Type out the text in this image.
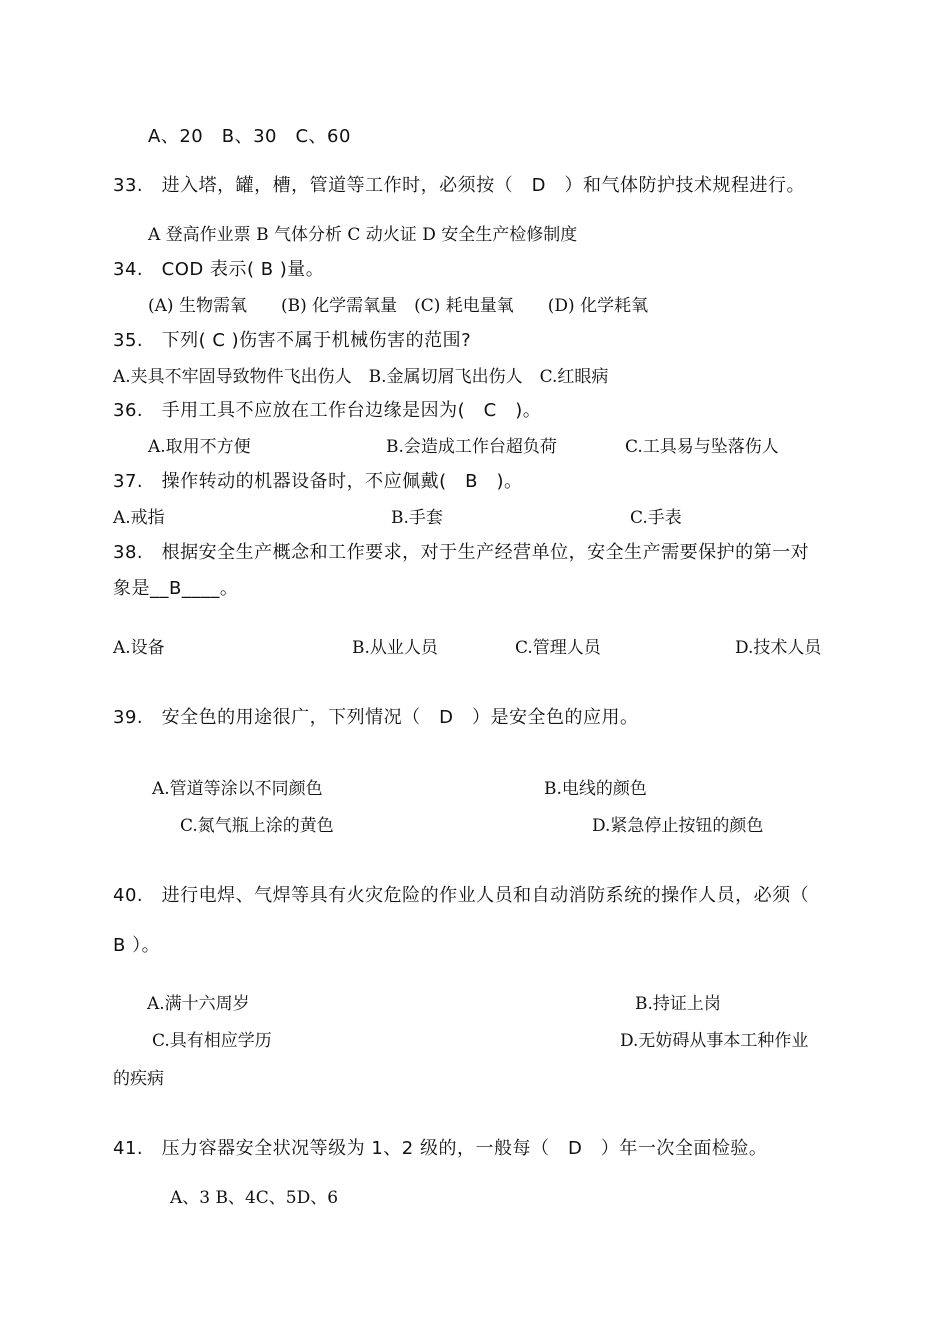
A、20　B、30　C、60
33.　进入塔，罐，槽，管道等工作时，必须按（　D　）和气体防护技术规程进行。
A 登高作业票 B 气体分析 C 动火证 D 安全生产检修制度
34.　COD 表示( B )量。
(A) 生物需氧　　(B) 化学需氧量　(C) 耗电量氧　　(D) 化学耗氧
35.　下列( C )伤害不属于机械伤害的范围?
A.夹具不牢固导致物件飞出伤人　B.金属切屑飞出伤人　C.红眼病
36.　手用工具不应放在工作台边缘是因为(　C　)。
A.取用不方便	B.会造成工作台超负荷	C.工具易与坠落伤人
37.　操作转动的机器设备时，不应佩戴(　B　)。
A.戒指	B.手套	C.手表
38.　根据安全生产概念和工作要求，对于生产经营单位，安全生产需要保护的第一对
象是__B____。
A.设备	B.从业人员	C.管理人员	D.技术人员
39.　安全色的用途很广，下列情况（　D　）是安全色的应用。
A.管道等涂以不同颜色	B.电线的颜色
C.氮气瓶上涂的黄色	D.紧急停止按钮的颜色
40.　进行电焊、气焊等具有火灾危险的作业人员和自动消防系统的操作人员，必须（
B ）。
A.满十六周岁	B.持证上岗
C.具有相应学历	D.无妨碍从事本工种作业
的疾病
41.　压力容器安全状况等级为 1、2 级的，一般每（　D　）年一次全面检验。
A、3 B、4C、5D、6
